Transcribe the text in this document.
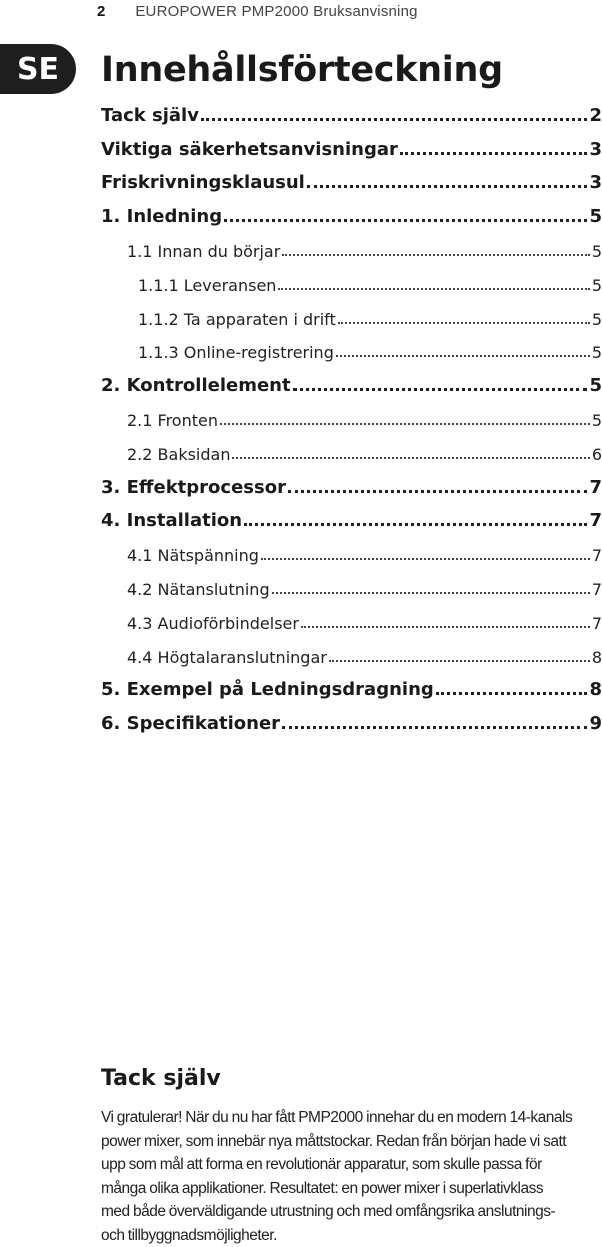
2 EUROPOWER PMP2000 Bruksanvisning
SE	Innehållsförteckning
Tack själv	2
Viktiga säkerhetsanvisningar	3
Friskrivningsklausul	3
1. Inledning	5
1.1 Innan du börjar	5
1.1.1 Leveransen	5
1.1.2 Ta apparaten i drift	5
1.1.3 Online-registrering	5
2. Kontrollelement	5
2.1 Fronten	5
2.2 Baksidan	6
3. Effektprocessor	7
4. Installation	7
4.1 Nätspänning	7
4.2 Nätanslutning	7
4.3 Audioförbindelser	7
4.4 Högtalaranslutningar	8
5. Exempel på Ledningsdragning	8
6. Specifikationer	9
Tack själv

Vi gratulerar! När du nu har fått PMP2000 innehar du en modern 14-kanals
power mixer, som innebär nya måttstockar. Redan från början hade vi satt
upp som mål att forma en revolutionär apparatur, som skulle passa för
många olika applikationer. Resultatet: en power mixer i superlativklass
med både överväldigande utrustning och med omfångsrika anslutnings-
och tillbyggnadsmöjligheter.
